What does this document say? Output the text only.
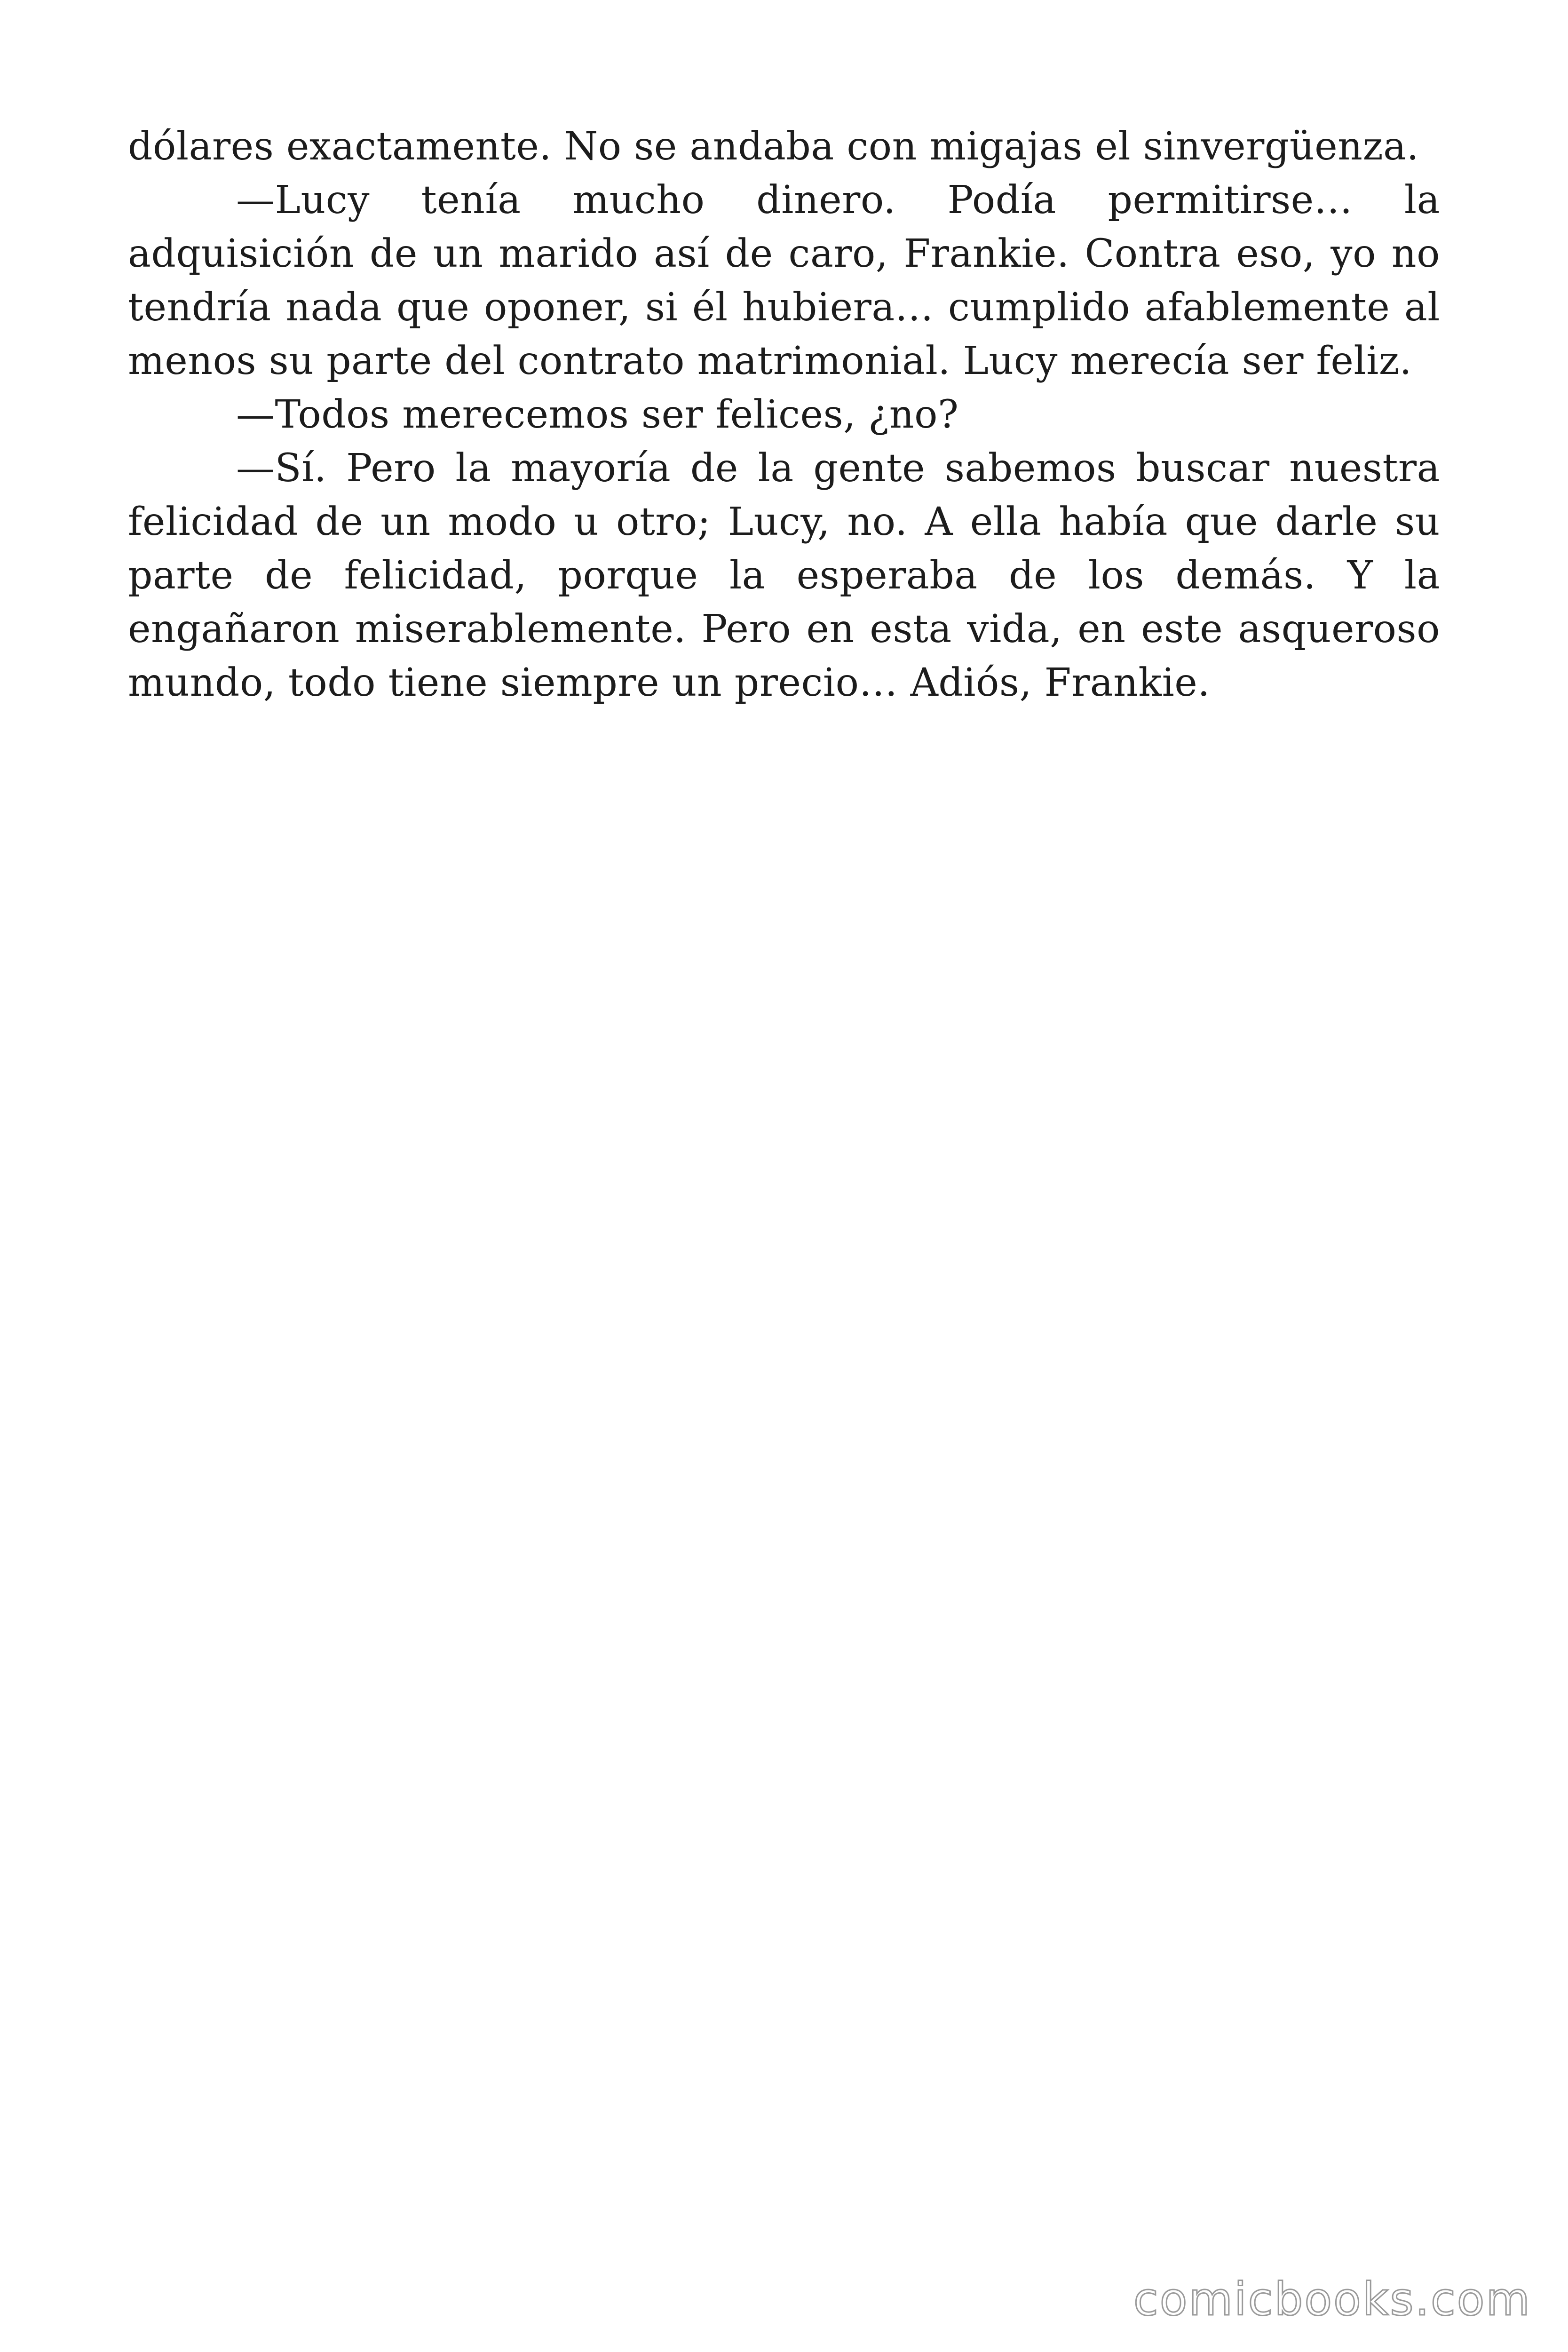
dólares exactamente. No se andaba con migajas el sinvergüenza.

—Lucy tenía mucho dinero. Podía permitirse… la adquisición de un marido así de caro, Frankie. Contra eso, yo no tendría nada que oponer, si él hubiera… cumplido afablemente al menos su parte del contrato matrimonial. Lucy merecía ser feliz.

—Todos merecemos ser felices, ¿no?

—Sí. Pero la mayoría de la gente sabemos buscar nuestra felicidad de un modo u otro; Lucy, no. A ella había que darle su parte de felicidad, porque la esperaba de los demás. Y la engañaron miserablemente. Pero en esta vida, en este asqueroso mundo, todo tiene siempre un precio… Adiós, Frankie.

comicbooks.com
